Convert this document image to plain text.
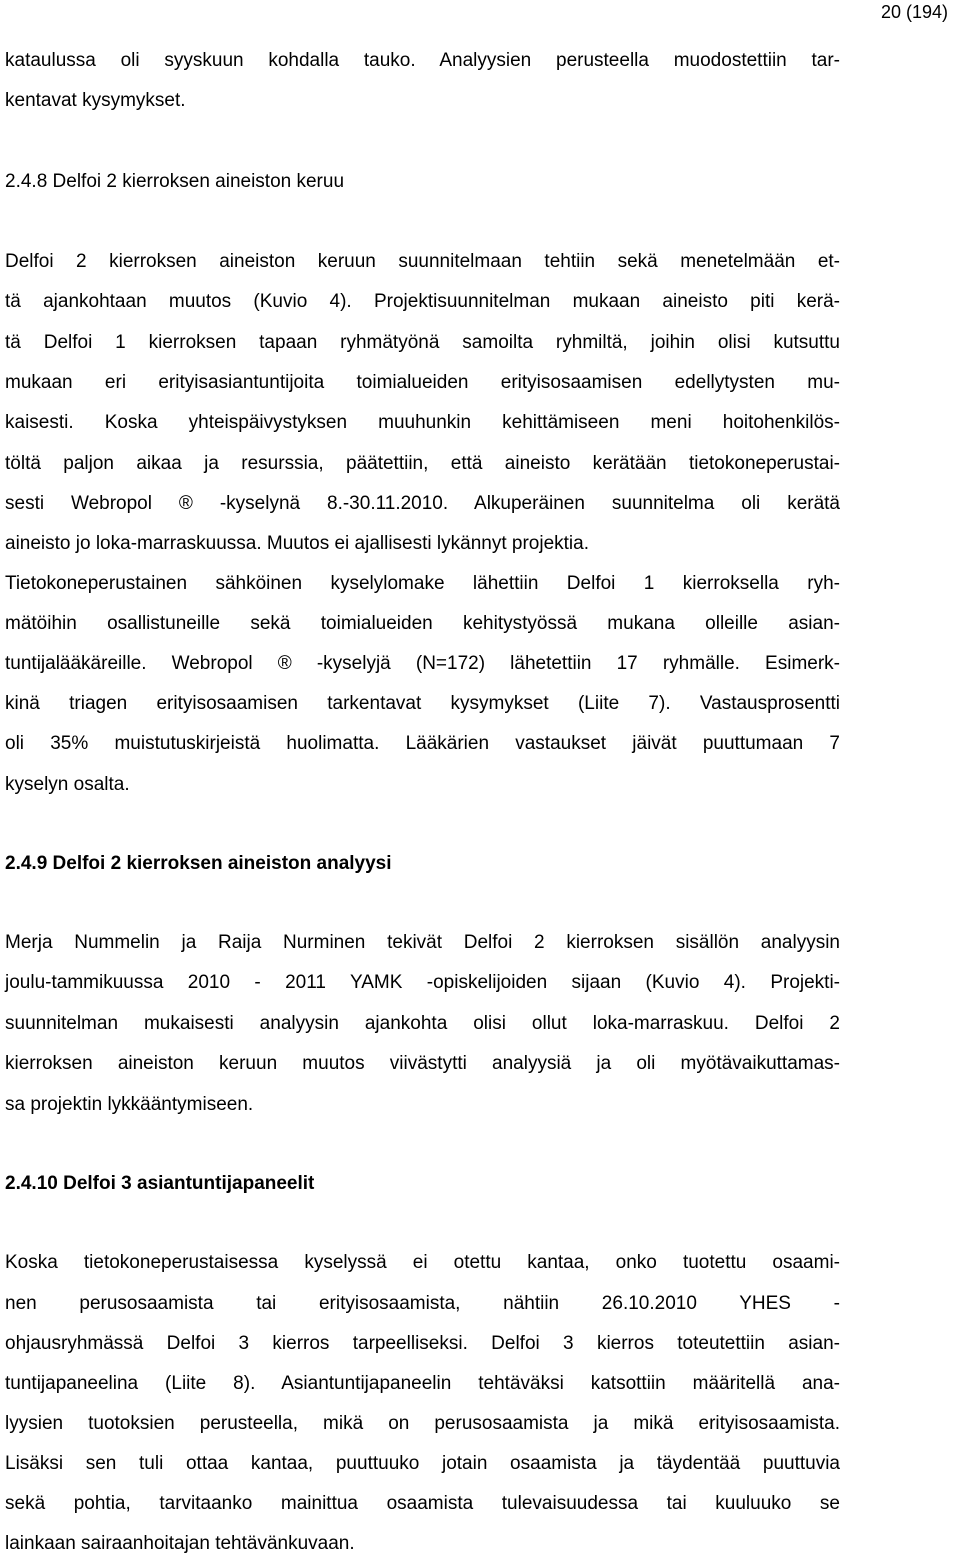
20 (194)
kataulussa oli syyskuun kohdalla tauko. Analyysien perusteella muodostettiin tar-
kentavat kysymykset.
2.4.8 Delfoi 2 kierroksen aineiston keruu
Delfoi 2 kierroksen aineiston keruun suunnitelmaan tehtiin sekä menetelmään et-
tä ajankohtaan muutos (Kuvio 4). Projektisuunnitelman mukaan aineisto piti kerä-
tä Delfoi 1 kierroksen tapaan ryhmätyönä samoilta ryhmiltä, joihin olisi kutsuttu
mukaan eri erityisasiantuntijoita toimialueiden erityisosaamisen edellytysten mu-
kaisesti. Koska yhteispäivystyksen muuhunkin kehittämiseen meni hoitohenkilös-
töltä paljon aikaa ja resurssia, päätettiin, että aineisto kerätään tietokoneperustai-
sesti Webropol ® -kyselynä 8.-30.11.2010. Alkuperäinen suunnitelma oli kerätä
aineisto jo loka-marraskuussa. Muutos ei ajallisesti lykännyt projektia.
Tietokoneperustainen sähköinen kyselylomake lähettiin Delfoi 1 kierroksella ryh-
mätöihin osallistuneille sekä toimialueiden kehitystyössä mukana olleille asian-
tuntijalääkäreille. Webropol ® -kyselyjä (N=172) lähetettiin 17 ryhmälle. Esimerk-
kinä triagen erityisosaamisen tarkentavat kysymykset (Liite 7). Vastausprosentti
oli 35% muistutuskirjeistä huolimatta. Lääkärien vastaukset jäivät puuttumaan 7
kyselyn osalta.
2.4.9 Delfoi 2 kierroksen aineiston analyysi
Merja Nummelin ja Raija Nurminen tekivät Delfoi 2 kierroksen sisällön analyysin
joulu-tammikuussa 2010 - 2011 YAMK -opiskelijoiden sijaan (Kuvio 4). Projekti-
suunnitelman mukaisesti analyysin ajankohta olisi ollut loka-marraskuu. Delfoi 2
kierroksen aineiston keruun muutos viivästytti analyysiä ja oli myötävaikuttamas-
sa projektin lykkääntymiseen.
2.4.10 Delfoi 3 asiantuntijapaneelit
Koska tietokoneperustaisessa kyselyssä ei otettu kantaa, onko tuotettu osaami-
nen perusosaamista tai erityisosaamista, nähtiin 26.10.2010 YHES -
ohjausryhmässä Delfoi 3 kierros tarpeelliseksi. Delfoi 3 kierros toteutettiin asian-
tuntijapaneelina (Liite 8). Asiantuntijapaneelin tehtäväksi katsottiin määritellä ana-
lyysien tuotoksien perusteella, mikä on perusosaamista ja mikä erityisosaamista.
Lisäksi sen tuli ottaa kantaa, puuttuuko jotain osaamista ja täydentää puuttuvia
sekä pohtia, tarvitaanko mainittua osaamista tulevaisuudessa tai kuuluuko se
lainkaan sairaanhoitajan tehtävänkuvaan.
